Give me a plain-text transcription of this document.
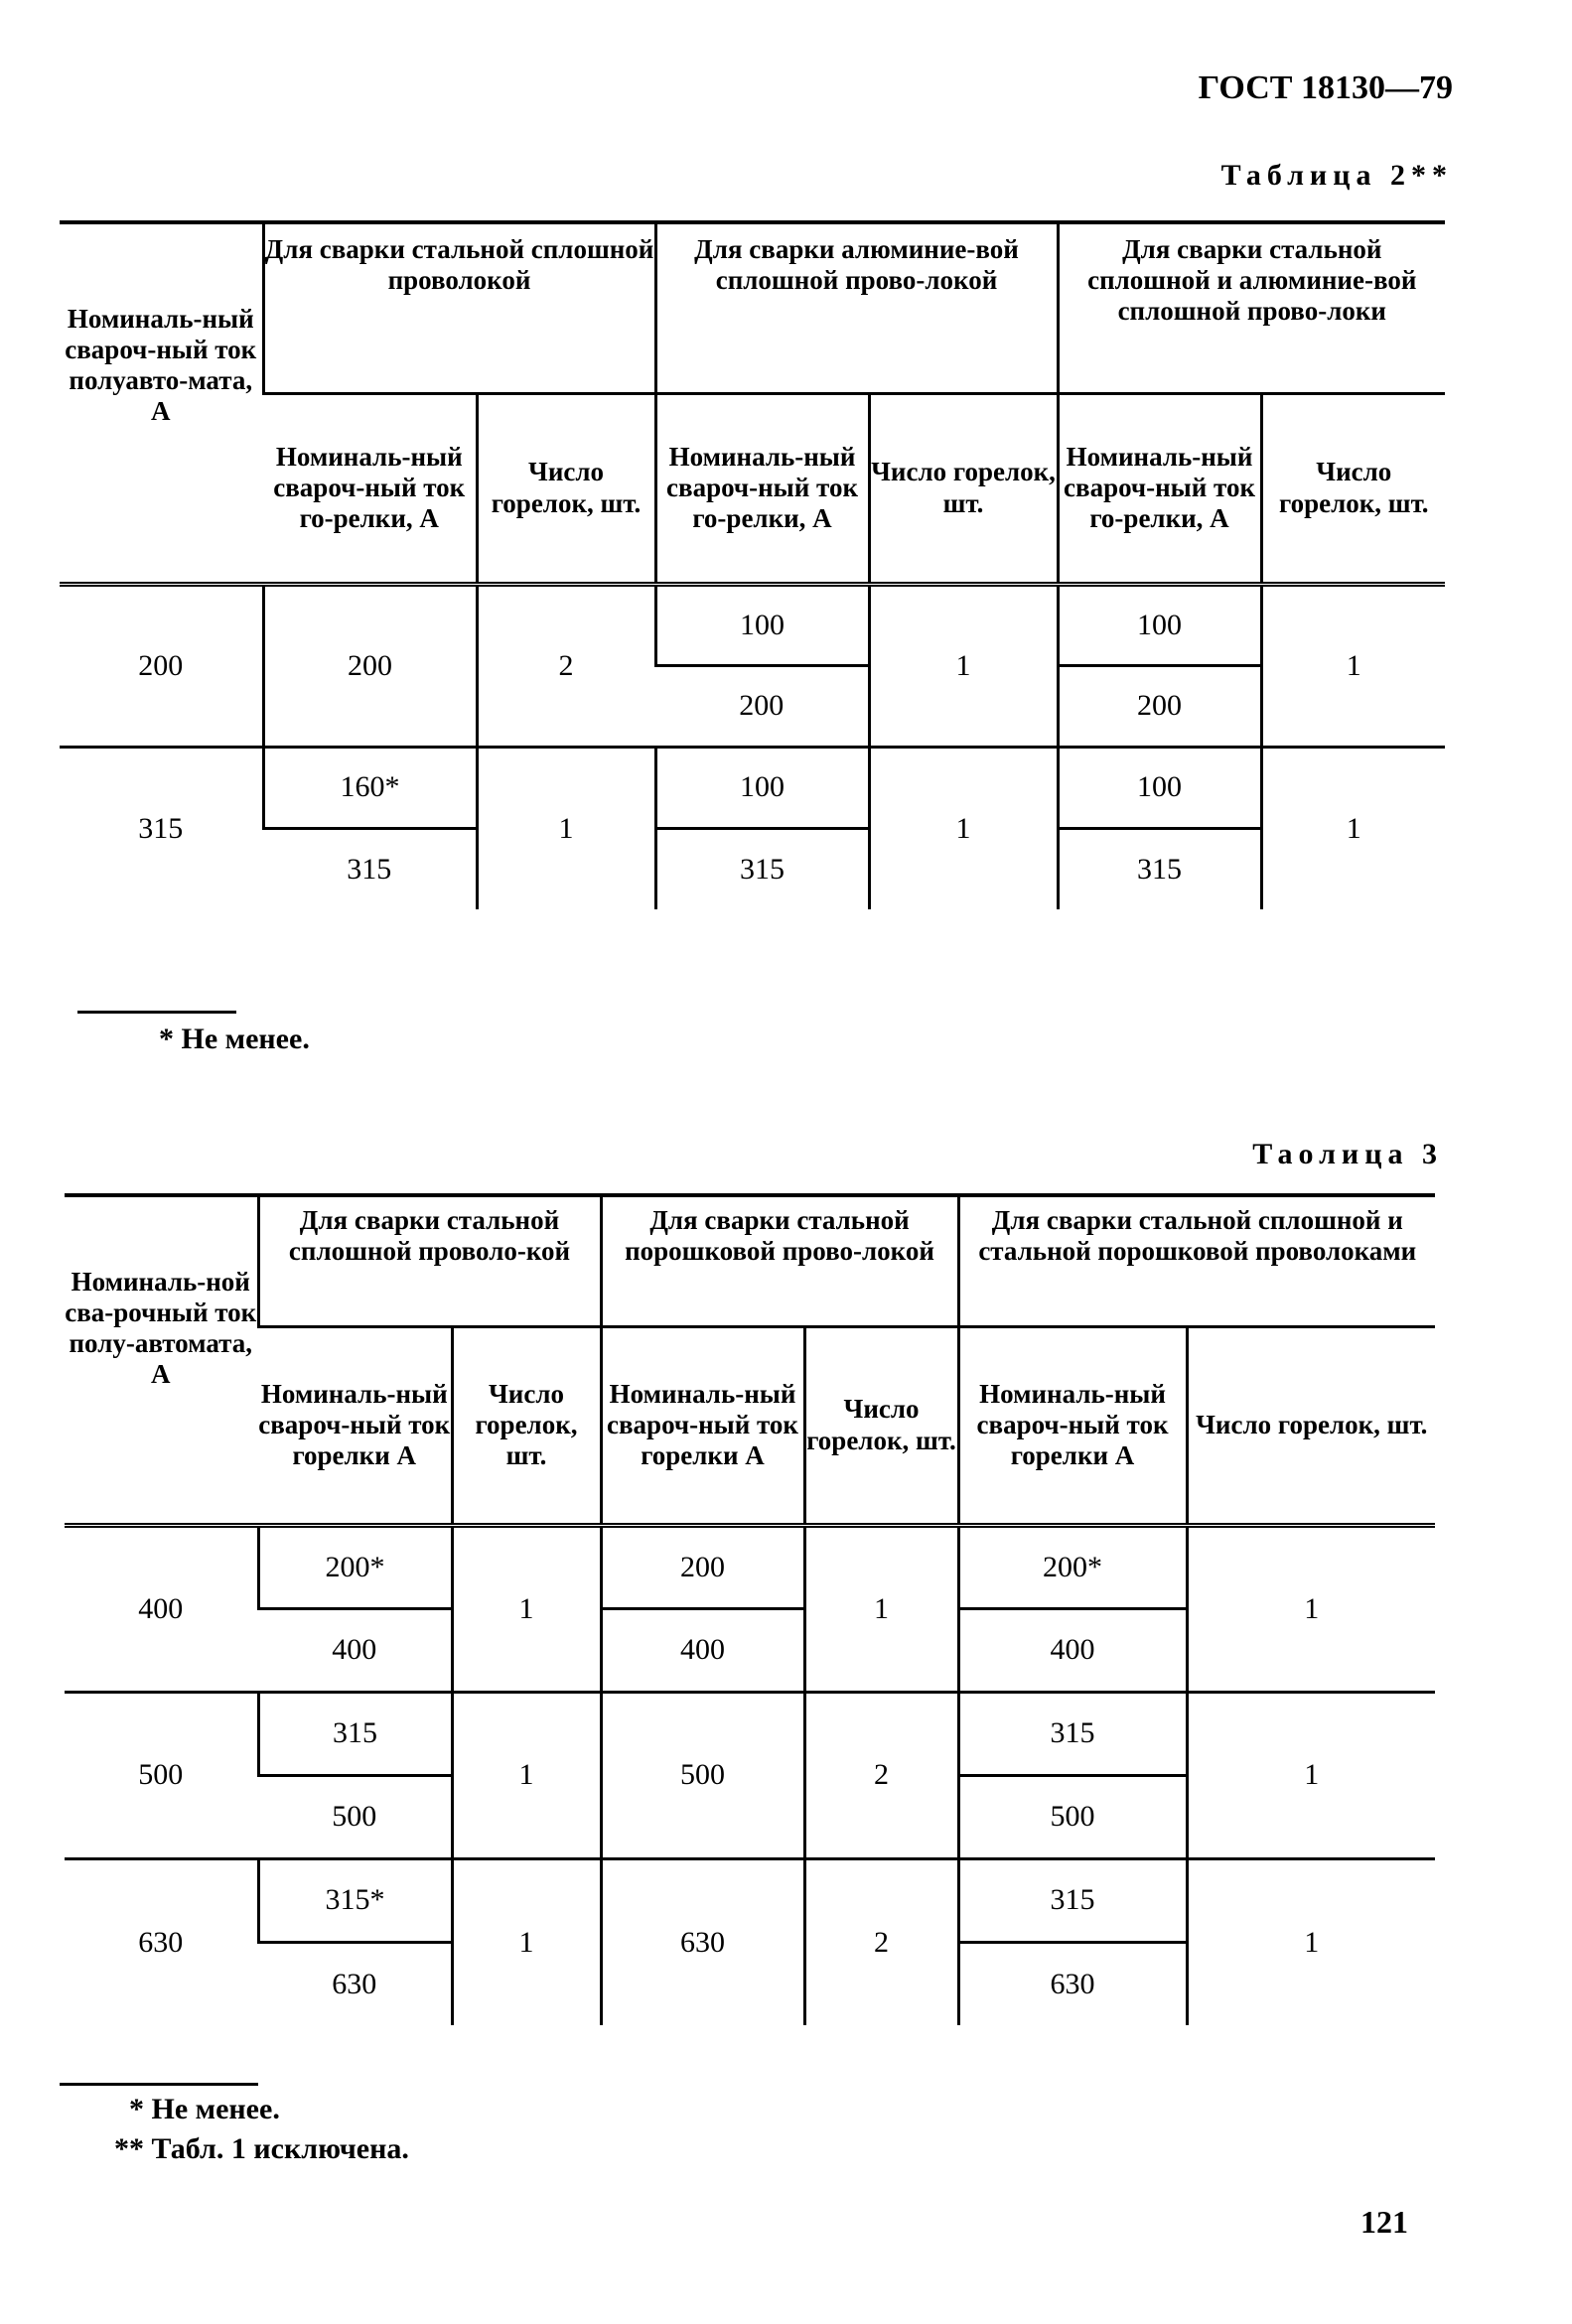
ГОСТ 18130—79
Таблица 2**
Номиналь-ный свароч-ный ток полуавто-мата, А	Для сварки стальной сплошной проволокой		Для сварки алюминие-вой сплошной прово-локой		Для сварки стальной сплошной и алюминие-вой сплошной прово-локи	
	Номиналь-ный свароч-ный ток го-релки, А	Число горелок, шт.	Номиналь-ный свароч-ный ток го-релки, А	Число горелок, шт.	Номиналь-ный свароч-ный ток го-релки, А	Число горелок, шт.
200	200	2	100	1	100	1
			200		200	
315	160*	1	100	1	100	1
	315		315		315	
* Не менее.
Таолица 3
Номиналь-ной сва-рочный ток полу-автомата, А	Для сварки стальной сплошной проволо-кой		Для сварки стальной порошковой прово-локой		Для сварки стальной сплошной и стальной порошковой проволоками	
	Номиналь-ный свароч-ный ток горелки А	Число горелок, шт.	Номиналь-ный свароч-ный ток горелки А	Число горелок, шт.	Номиналь-ный свароч-ный ток горелки А	Число горелок, шт.
400	200*	1	200	1	200*	1
	400		400		400	
500	315	1	500	2	315	1
	500				500	
630	315*	1	630	2	315	1
	630				630	
* Не менее.
** Табл. 1 исключена.
121
